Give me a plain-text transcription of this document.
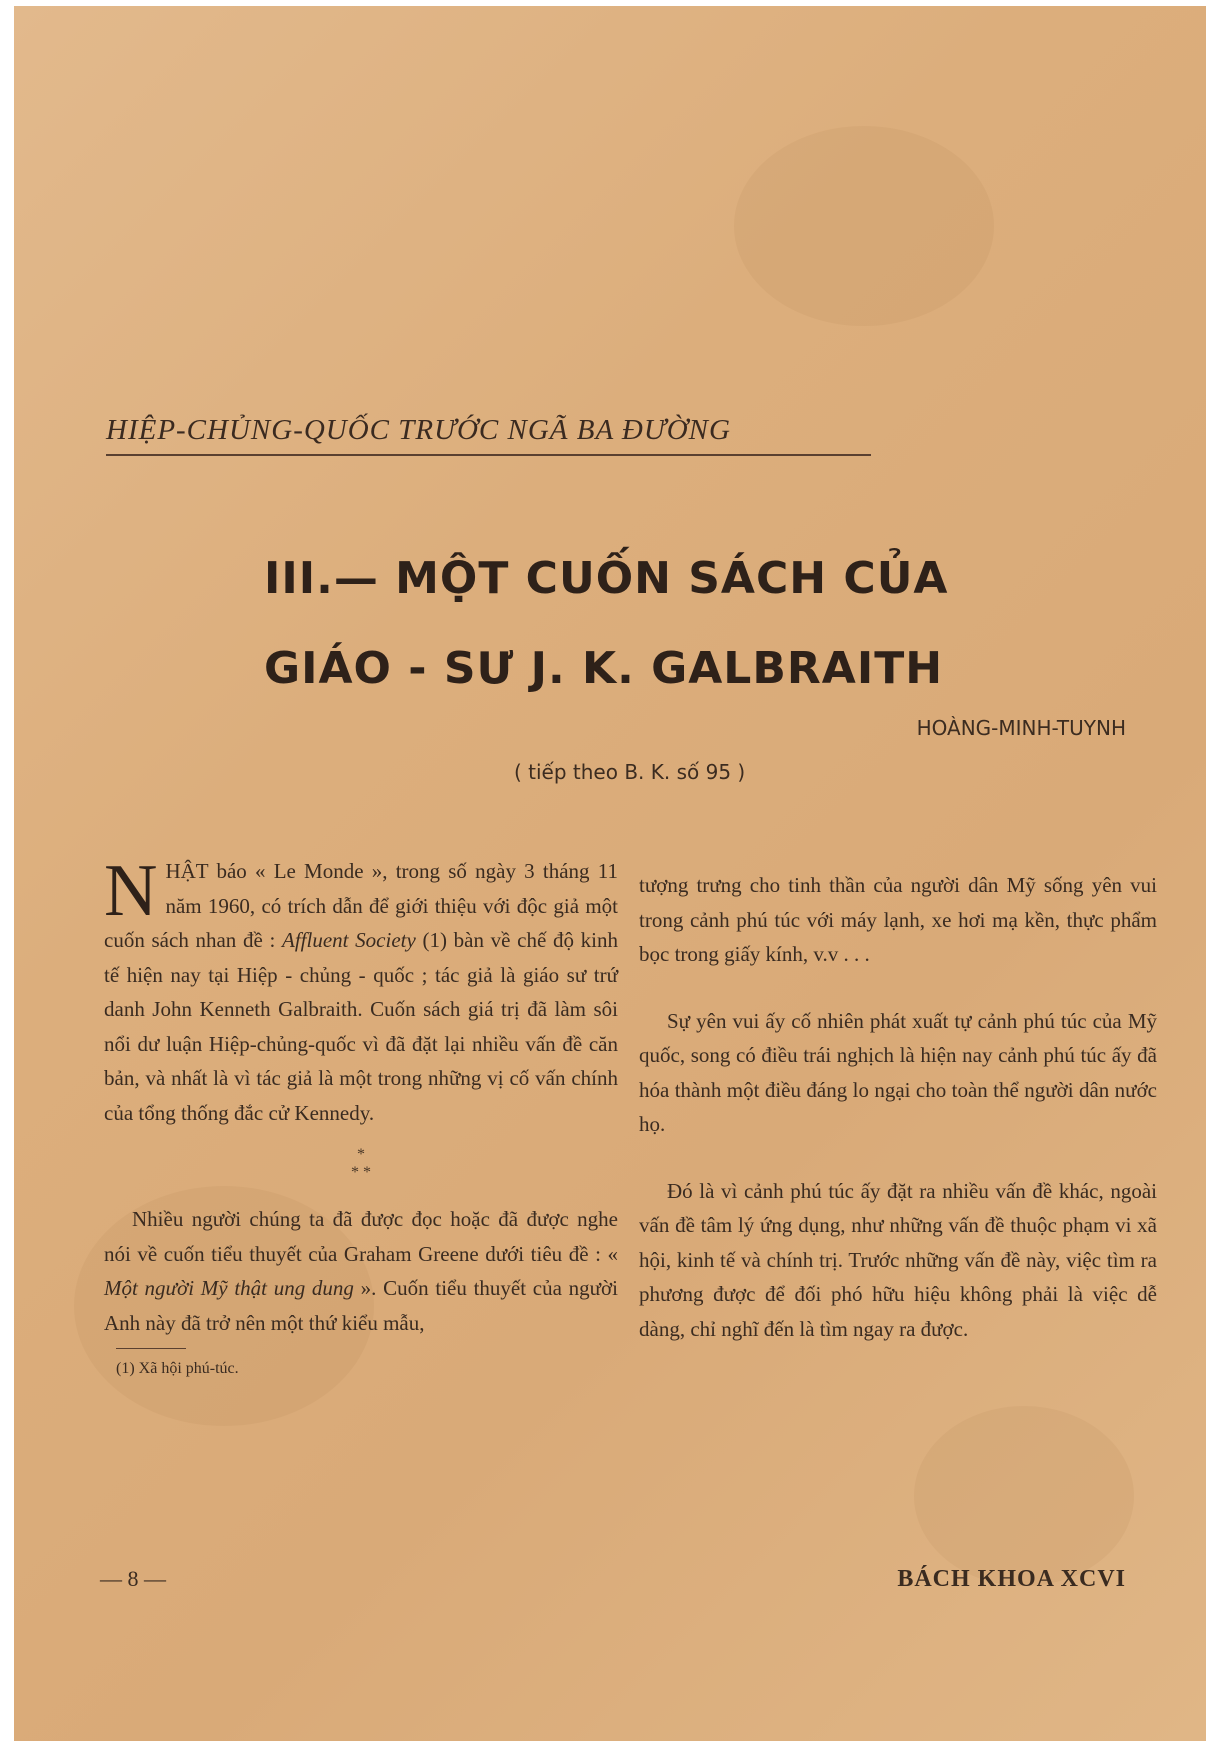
HIỆP-CHỦNG-QUỐC TRƯỚC NGÃ BA ĐƯỜNG
III.— MỘT CUỐN SÁCH CỦA
GIÁO - SƯ J. K. GALBRAITH
HOÀNG-MINH-TUYNH
( tiếp theo B. K. số 95 )

NHẬT báo « Le Monde », trong số ngày 3 tháng 11 năm 1960, có trích dẫn để giới thiệu với độc giả một cuốn sách nhan đề : Affluent Society (1) bàn về chế độ kinh tế hiện nay tại Hiệp - chủng - quốc ; tác giả là giáo sư trứ danh John Kenneth Galbraith. Cuốn sách giá trị đã làm sôi nổi dư luận Hiệp-chủng-quốc vì đã đặt lại nhiều vấn đề căn bản, và nhất là vì tác giả là một trong những vị cố vấn chính của tổng thống đắc cử Kennedy.

*
* *

Nhiều người chúng ta đã được đọc hoặc đã được nghe nói về cuốn tiểu thuyết của Graham Greene dưới tiêu đề : « Một người Mỹ thật ung dung ». Cuốn tiểu thuyết của người Anh này đã trở nên một thứ kiểu mẫu,

(1) Xã hội phú-túc.

tượng trưng cho tinh thần của người dân Mỹ sống yên vui trong cảnh phú túc với máy lạnh, xe hơi mạ kền, thực phẩm bọc trong giấy kính, v.v . . .

Sự yên vui ấy cố nhiên phát xuất tự cảnh phú túc của Mỹ quốc, song có điều trái nghịch là hiện nay cảnh phú túc ấy đã hóa thành một điều đáng lo ngại cho toàn thể người dân nước họ.

Đó là vì cảnh phú túc ấy đặt ra nhiều vấn đề khác, ngoài vấn đề tâm lý ứng dụng, như những vấn đề thuộc phạm vi xã hội, kinh tế và chính trị. Trước những vấn đề này, việc tìm ra phương được để đối phó hữu hiệu không phải là việc dễ dàng, chỉ nghĩ đến là tìm ngay ra được.

— 8 —	BÁCH KHOA XCVI
